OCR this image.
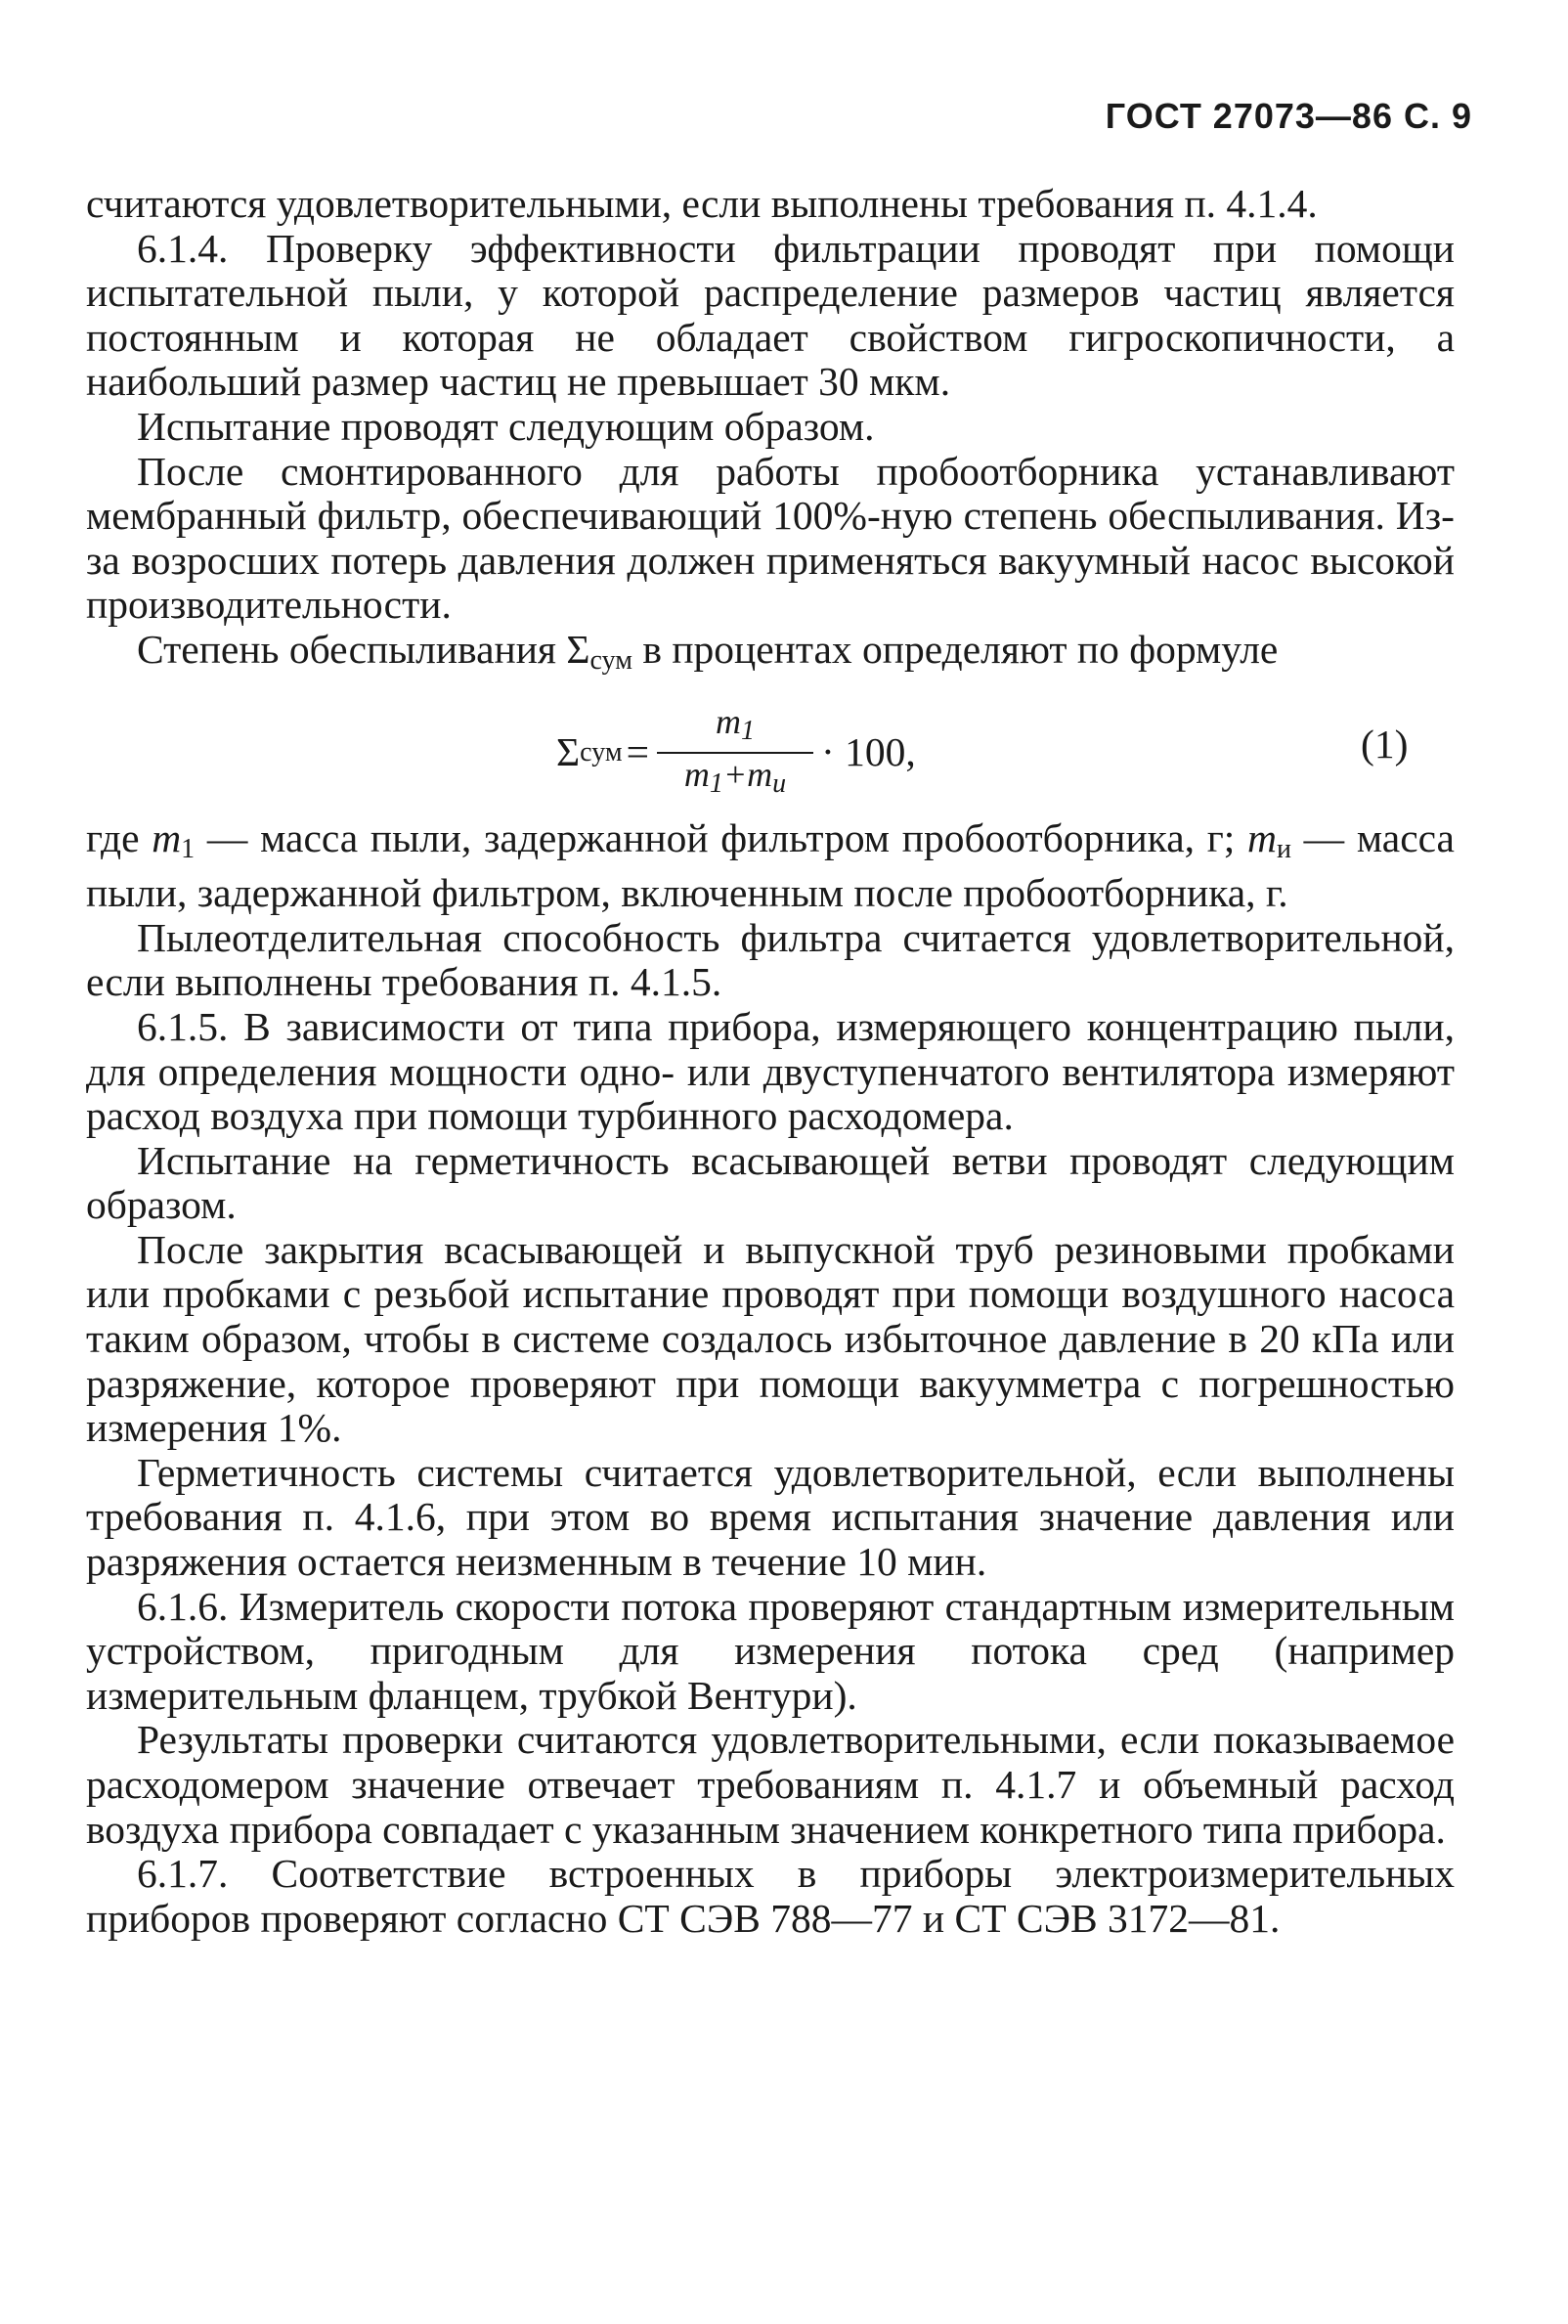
ГОСТ 27073—86 С. 9

считаются удовлетворительными, если выполнены требования п. 4.1.4.

6.1.4. Проверку эффективности фильтрации проводят при помощи испытательной пыли, у которой распределение размеров частиц является постоянным и которая не обладает свойством гигроскопичности, а наибольший размер частиц не превышает 30 мкм.

Испытание проводят следующим образом.

После смонтированного для работы пробоотборника устанавливают мембранный фильтр, обеспечивающий 100%-ную степень обеспыливания. Из-за возросших потерь давления должен применяться вакуумный насос высокой производительности.

Степень обеспыливания $\Sigma_{сум}$ в процентах определяют по формуле

Σ сум = $\frac{m_1}{m_1+m_и} \cdot 100$,	(1)

где $m_1$ — масса пыли, задержанной фильтром пробоотборника, г; $m_и$ — масса пыли, задержанной фильтром, включенным после пробоотборника, г.

Пылеотделительная способность фильтра считается удовлетворительной, если выполнены требования п. 4.1.5.

6.1.5. В зависимости от типа прибора, измеряющего концентрацию пыли, для определения мощности одно- или двуступенчатого вентилятора измеряют расход воздуха при помощи турбинного расходомера.

Испытание на герметичность всасывающей ветви проводят следующим образом.

После закрытия всасывающей и выпускной труб резиновыми пробками или пробками с резьбой испытание проводят при помощи воздушного насоса таким образом, чтобы в системе создалось избыточное давление в 20 кПа или разряжение, которое проверяют при помощи вакуумметра с погрешностью измерения 1%.

Герметичность системы считается удовлетворительной, если выполнены требования п. 4.1.6, при этом во время испытания значение давления или разряжения остается неизменным в течение 10 мин.

6.1.6. Измеритель скорости потока проверяют стандартным измерительным устройством, пригодным для измерения потока сред (например измерительным фланцем, трубкой Вентури).

Результаты проверки считаются удовлетворительными, если показываемое расходомером значение отвечает требованиям п. 4.1.7 и объемный расход воздуха прибора совпадает с указанным значением конкретного типа прибора.

6.1.7. Соответствие встроенных в приборы электроизмерительных приборов проверяют согласно СТ СЭВ 788—77 и СТ СЭВ 3172—81.
